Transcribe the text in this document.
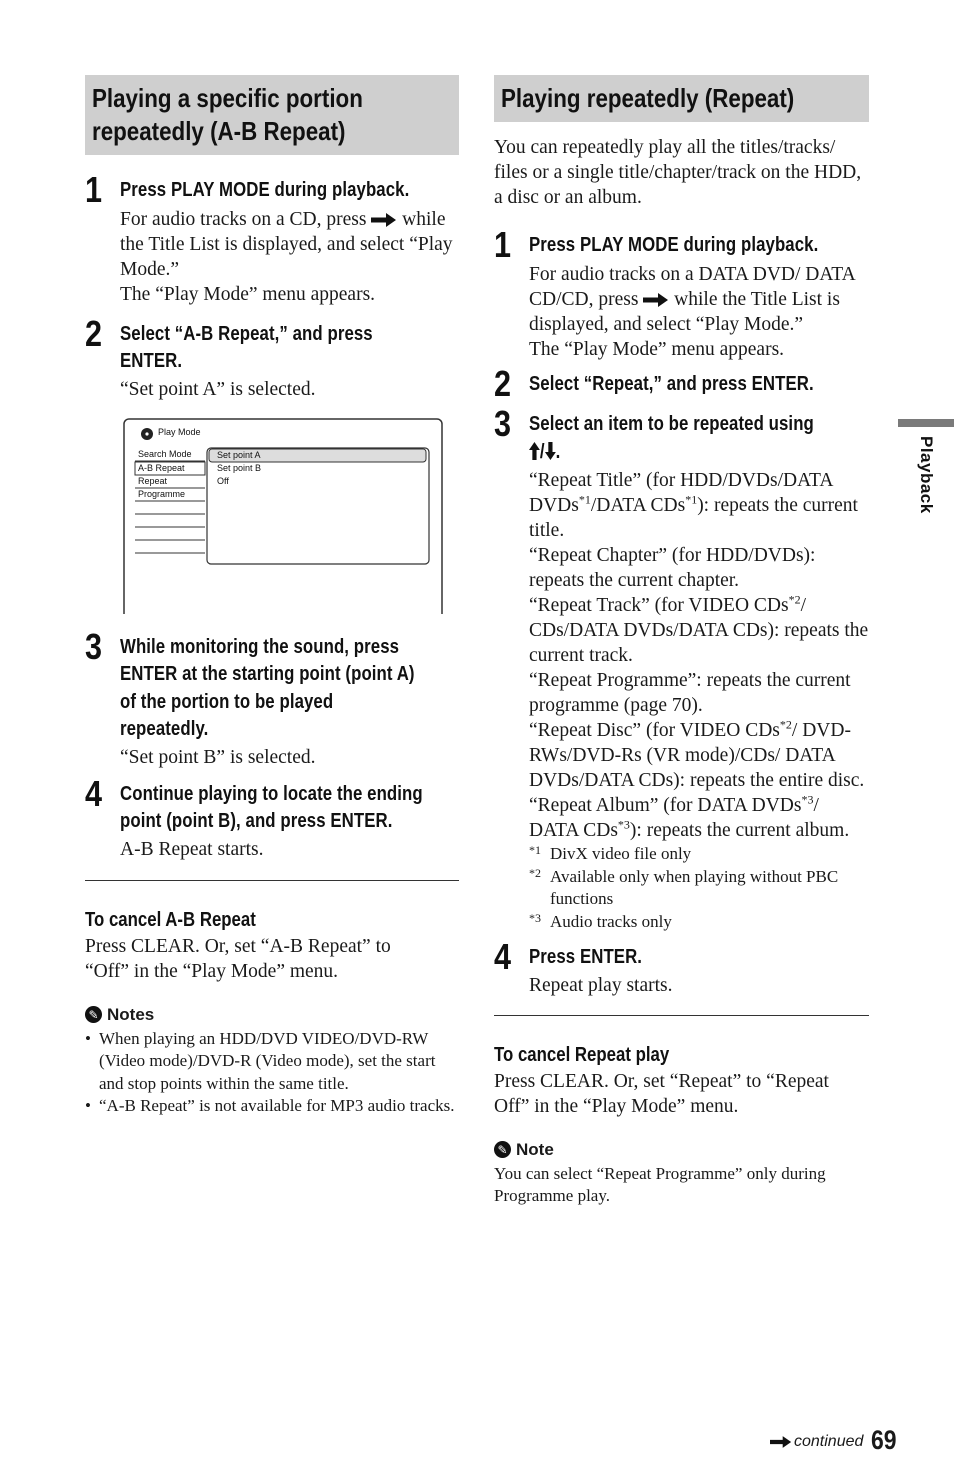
Playing a specific portion
repeatedly (A-B Repeat)
1 Press PLAY MODE during playback.
For audio tracks on a CD, press while the Title List is displayed, and select “Play Mode.”
The “Play Mode” menu appears.
2 Select “A-B Repeat,” and press
ENTER.
“Set point A” is selected.
Play Mode
Search Mode
A-B Repeat
Repeat
Programme
Set point A
Set point B
Off
3 While monitoring the sound, press
ENTER at the starting point (point A)
of the portion to be played
repeatedly.
“Set point B” is selected.
4 Continue playing to locate the ending
point (point B), and press ENTER.
A-B Repeat starts.
To cancel A-B Repeat
Press CLEAR. Or, set “A-B Repeat” to “Off” in the “Play Mode” menu.
✎ Notes
• When playing an HDD/DVD VIDEO/DVD-RW (Video mode)/DVD-R (Video mode), set the start and stop points within the same title.
• “A-B Repeat” is not available for MP3 audio tracks.
Playing repeatedly (Repeat)
You can repeatedly play all the titles/tracks/ files or a single title/chapter/track on the HDD, a disc or an album.
1 Press PLAY MODE during playback.
For audio tracks on a DATA DVD/ DATA CD/CD, press while the Title List is displayed, and select “Play Mode.”
The “Play Mode” menu appears.
2 Select “Repeat,” and press ENTER.
3 Select an item to be repeated using
/ .
“Repeat Title” (for HDD/DVDs/DATA DVDs$^{*1}$/DATA CDs$^{*1}$): repeats the current title.
“Repeat Chapter” (for HDD/DVDs): repeats the current chapter.
“Repeat Track” (for VIDEO CDs$^{*2}$/ CDs/DATA DVDs/DATA CDs): repeats the current track.
“Repeat Programme”: repeats the current programme (page 70).
“Repeat Disc” (for VIDEO CDs$^{*2}$/ DVD-RWs/DVD-Rs (VR mode)/CDs/ DATA DVDs/DATA CDs): repeats the entire disc.
“Repeat Album” (for DATA DVDs$^{*3}$/ DATA CDs$^{*3}$): repeats the current album.
*1 DivX video file only
*2 Available only when playing without PBC functions
*3 Audio tracks only
4 Press ENTER.
Repeat play starts.
To cancel Repeat play
Press CLEAR. Or, set “Repeat” to “Repeat Off” in the “Play Mode” menu.
✎ Note
You can select “Repeat Programme” only during Programme play.
Playback
continued 69
